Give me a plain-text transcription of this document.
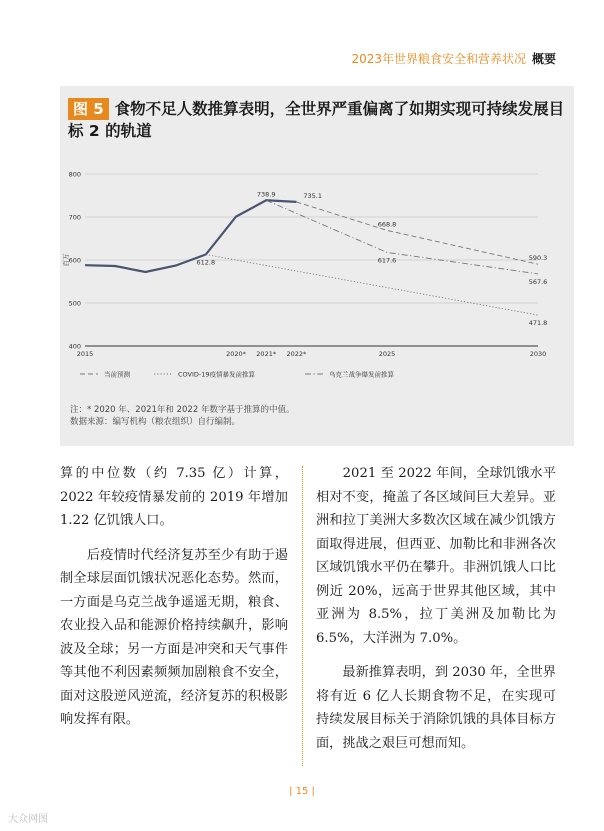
2023年世界粮食安全和营养状况 概要
图 5 食物不足人数推算表明，全世界严重偏离了如期实现可持续发展目标 2 的轨道
400
500
600
700
800
2015	2020* 2021* 2022*	2025	2030
百万	612.8
738.9	735.1
668.8
617.6	590.3
567.6
471.8
当前预测	COVID-19疫情暴发前推算	乌克兰战争爆发前推算

注：* 2020 年、2021年和 2022 年数字基于推算的中值。

数据来源：编写机构（粮农组织）自行编制。

算的中位数（约 7.35 亿）计算，2022 年较疫情暴发前的 2019 年增加 1.22 亿饥饿人口。

　　后疫情时代经济复苏至少有助于遏制全球层面饥饿状况恶化态势。然而，一方面是乌克兰战争遥遥无期，粮食、农业投入品和能源价格持续飙升，影响波及全球；另一方面是冲突和天气事件等其他不利因素频频加剧粮食不安全，面对这股逆风逆流，经济复苏的积极影响发挥有限。

　　2021 至 2022 年间，全球饥饿水平相对不变，掩盖了各区域间巨大差异。亚洲和拉丁美洲大多数次区域在减少饥饿方面取得进展，但西亚、加勒比和非洲各次区域饥饿水平仍在攀升。非洲饥饿人口比例近 20%，远高于世界其他区域，其中亚洲为 8.5%，拉丁美洲及加勒比为 6.5%，大洋洲为 7.0%。

　　最新推算表明，到 2030 年，全世界将有近 6 亿人长期食物不足，在实现可持续发展目标关于消除饥饿的具体目标方面，挑战之艰巨可想而知。

| 15 |
大众网图
